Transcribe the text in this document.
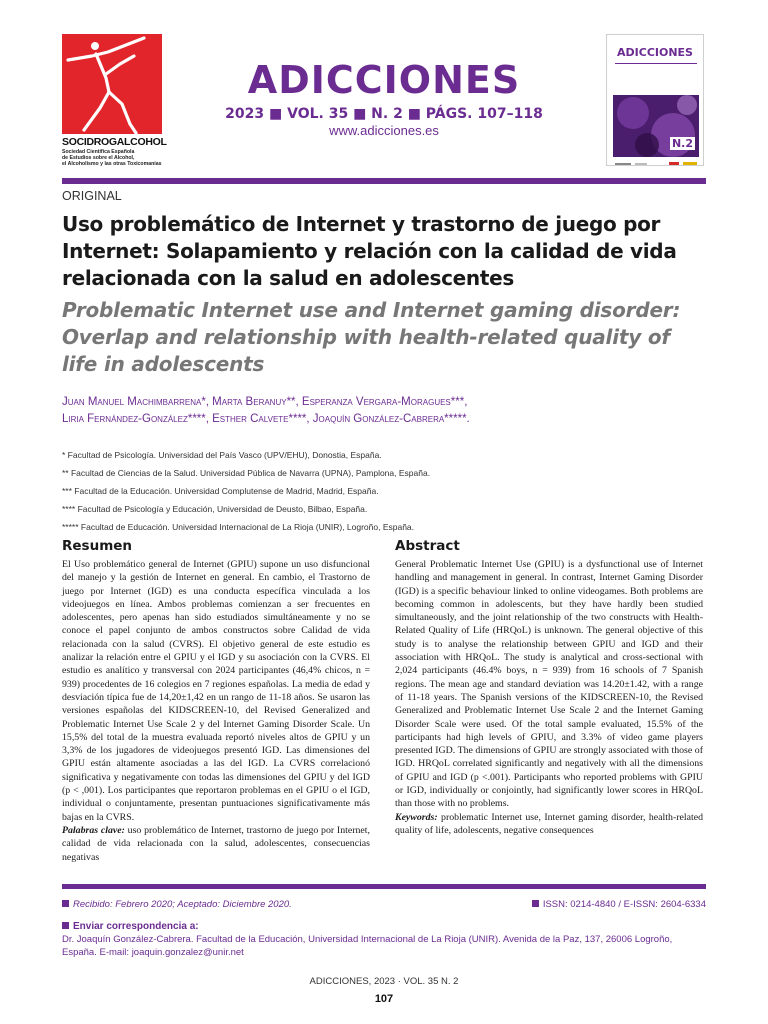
SOCIDROGALCOHOL
Sociedad Científica Española
de Estudios sobre el Alcohol,
el Alcoholismo y las otras Toxicomanías
ADICCIONES
2023 ■ VOL. 35 ■ N. 2 ■ PÁGS. 107–118
www.adicciones.es
ADICCIONES
N.2
ORIGINAL
Uso problemático de Internet y trastorno de juego por Internet: Solapamiento y relación con la calidad de vida relacionada con la salud en adolescentes
Problematic Internet use and Internet gaming disorder: Overlap and relationship with health-related quality of life in adolescents
Juan Manuel Machimbarrena*, Marta Beranuy**, Esperanza Vergara-Moragues***,
Liria Fernández-González****, Esther Calvete****, Joaquín González-Cabrera*****.
* Facultad de Psicología. Universidad del País Vasco (UPV/EHU), Donostia, España.
** Facultad de Ciencias de la Salud. Universidad Pública de Navarra (UPNA), Pamplona, España.
*** Facultad de la Educación. Universidad Complutense de Madrid, Madrid, España.
**** Facultad de Psicología y Educación, Universidad de Deusto, Bilbao, España.
***** Facultad de Educación. Universidad Internacional de La Rioja (UNIR), Logroño, España.
Resumen
El Uso problemático general de Internet (GPIU) supone un uso disfuncional del manejo y la gestión de Internet en general. En cambio, el Trastorno de juego por Internet (IGD) es una conducta específica vinculada a los videojuegos en línea. Ambos problemas comienzan a ser frecuentes en adolescentes, pero apenas han sido estudiados simultáneamente y no se conoce el papel conjunto de ambos constructos sobre Calidad de vida relacionada con la salud (CVRS). El objetivo general de este estudio es analizar la relación entre el GPIU y el IGD y su asociación con la CVRS. El estudio es analítico y transversal con 2024 participantes (46,4% chicos, n = 939) procedentes de 16 colegios en 7 regiones españolas. La media de edad y desviación típica fue de 14,20±1,42 en un rango de 11-18 años. Se usaron las versiones españolas del KIDSCREEN-10, del Revised Generalized and Problematic Internet Use Scale 2 y del Internet Gaming Disorder Scale. Un 15,5% del total de la muestra evaluada reportó niveles altos de GPIU y un 3,3% de los jugadores de videojuegos presentó IGD. Las dimensiones del GPIU están altamente asociadas a las del IGD. La CVRS correlacionó significativa y negativamente con todas las dimensiones del GPIU y del IGD (p < ,001). Los participantes que reportaron problemas en el GPIU o el IGD, individual o conjuntamente, presentan puntuaciones significativamente más bajas en la CVRS.
Palabras clave: uso problemático de Internet, trastorno de juego por Internet, calidad de vida relacionada con la salud, adolescentes, consecuencias negativas
Abstract
General Problematic Internet Use (GPIU) is a dysfunctional use of Internet handling and management in general. In contrast, Internet Gaming Disorder (IGD) is a specific behaviour linked to online videogames. Both problems are becoming common in adolescents, but they have hardly been studied simultaneously, and the joint relationship of the two constructs with Health-Related Quality of Life (HRQoL) is unknown. The general objective of this study is to analyse the relationship between GPIU and IGD and their association with HRQoL. The study is analytical and cross-sectional with 2,024 participants (46.4% boys, n = 939) from 16 schools of 7 Spanish regions. The mean age and standard deviation was 14.20±1.42, with a range of 11-18 years. The Spanish versions of the KIDSCREEN-10, the Revised Generalized and Problematic Internet Use Scale 2 and the Internet Gaming Disorder Scale were used. Of the total sample evaluated, 15.5% of the participants had high levels of GPIU, and 3.3% of video game players presented IGD. The dimensions of GPIU are strongly associated with those of IGD. HRQoL correlated significantly and negatively with all the dimensions of GPIU and IGD (p <.001). Participants who reported problems with GPIU or IGD, individually or conjointly, had significantly lower scores in HRQoL than those with no problems.
Keywords: problematic Internet use, Internet gaming disorder, health-related quality of life, adolescents, negative consequences
Recibido: Febrero 2020; Aceptado: Diciembre 2020.	ISSN: 0214-4840 / E-ISSN: 2604-6334
Enviar correspondencia a:
Dr. Joaquín González-Cabrera. Facultad de la Educación, Universidad Internacional de La Rioja (UNIR). Avenida de la Paz, 137, 26006 Logroño, España. E-mail: joaquin.gonzalez@unir.net
ADICCIONES, 2023 · VOL. 35 N. 2
107
